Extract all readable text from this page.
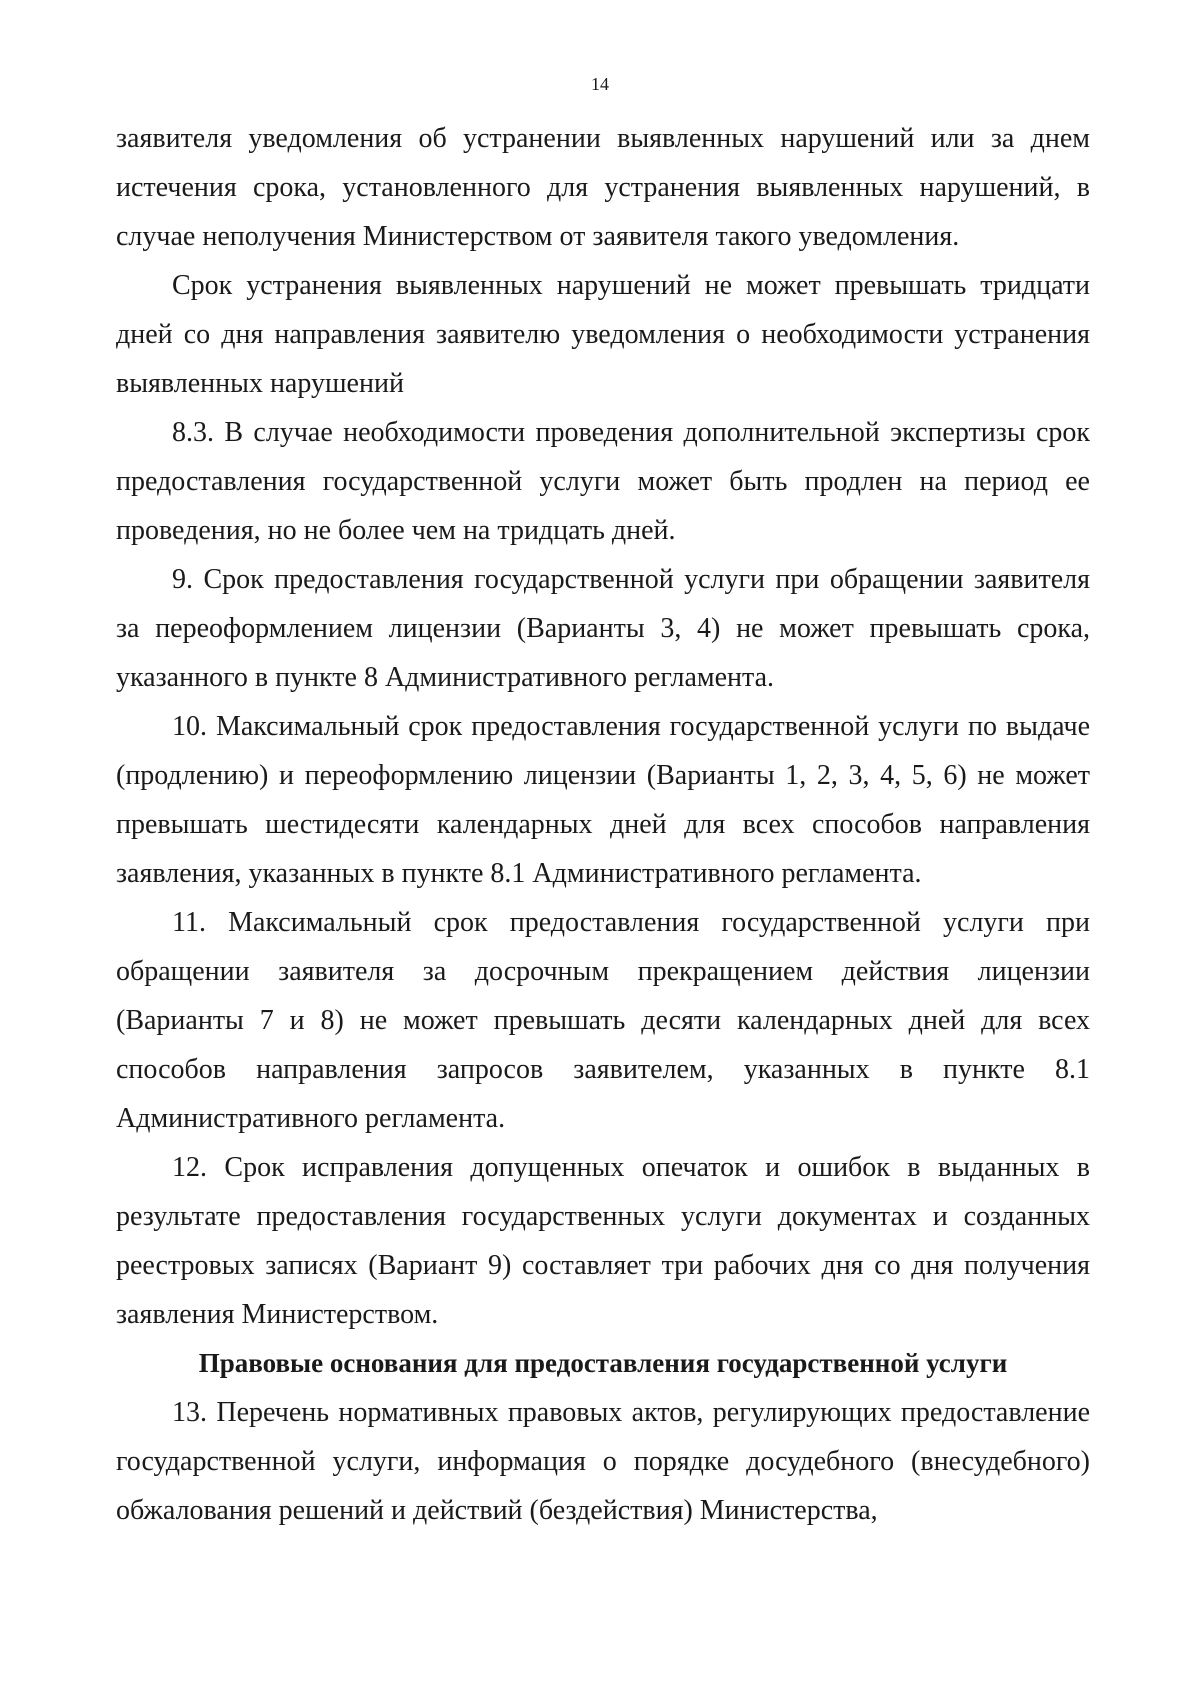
14

заявителя уведомления об устранении выявленных нарушений или за днем истечения срока, установленного для устранения выявленных нарушений, в случае неполучения Министерством от заявителя такого уведомления.

Срок устранения выявленных нарушений не может превышать тридцати дней со дня направления заявителю уведомления о необходимости устранения выявленных нарушений

8.3. В случае необходимости проведения дополнительной экспертизы срок предоставления государственной услуги может быть продлен на период ее проведения, но не более чем на тридцать дней.

9. Срок предоставления государственной услуги при обращении заявителя за переоформлением лицензии (Варианты 3, 4) не может превышать срока, указанного в пункте 8 Административного регламента.

10. Максимальный срок предоставления государственной услуги по выдаче (продлению) и переоформлению лицензии (Варианты 1, 2, 3, 4, 5, 6) не может превышать шестидесяти календарных дней для всех способов направления заявления, указанных в пункте 8.1 Административного регламента.

11. Максимальный срок предоставления государственной услуги при обращении заявителя за досрочным прекращением действия лицензии (Варианты 7 и 8) не может превышать десяти календарных дней для всех способов направления запросов заявителем, указанных в пункте 8.1 Административного регламента.

12. Срок исправления допущенных опечаток и ошибок в выданных в результате предоставления государственных услуги документах и созданных реестровых записях (Вариант 9) составляет три рабочих дня со дня получения заявления Министерством.

Правовые основания для предоставления государственной услуги

13. Перечень нормативных правовых актов, регулирующих предоставление государственной услуги, информация о порядке досудебного (внесудебного) обжалования решений и действий (бездействия) Министерства,
